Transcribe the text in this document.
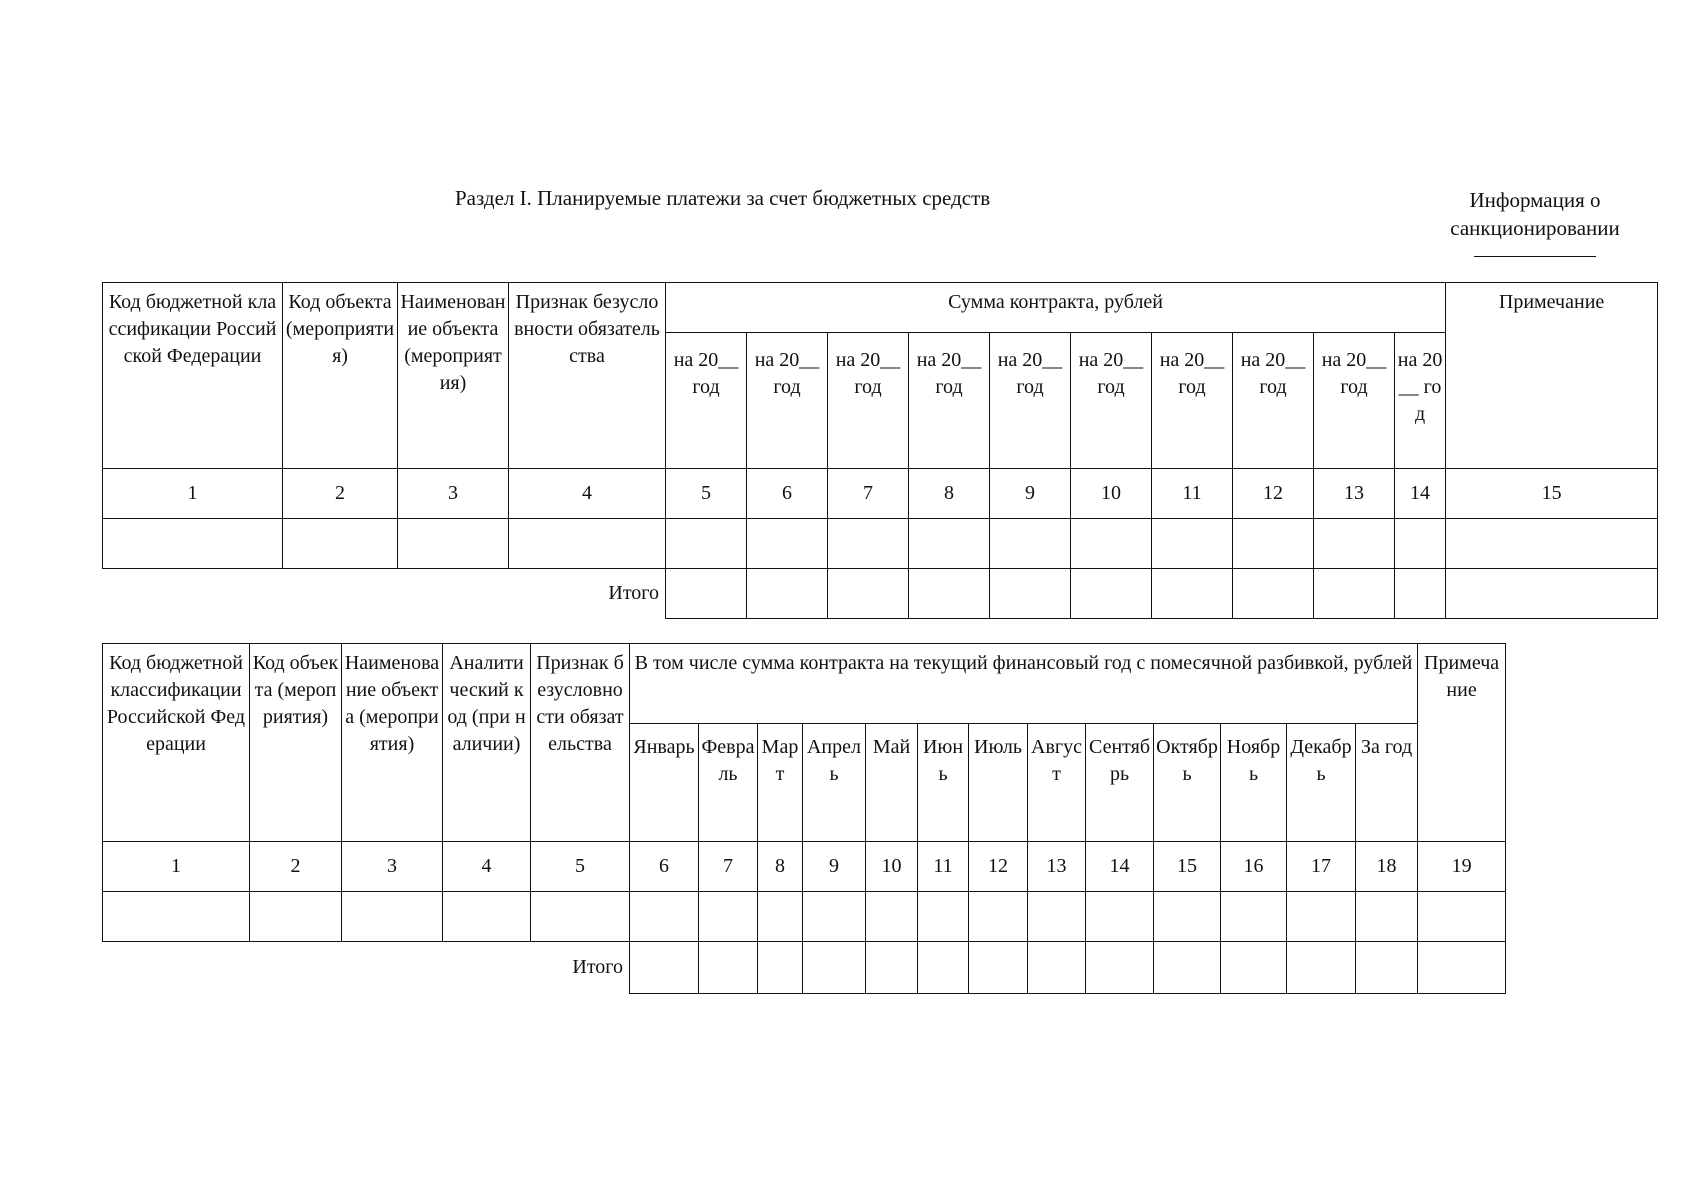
Раздел I. Планируемые платежи за счет бюджетных средств	Информация о санкционировании
Код бюджетной классификации Российской Федерации	Код объекта (мероприятия)	Наименование объекта (мероприятия)	Признак безусловности обязательства	Сумма контракта, рублей										Примечание
				на 20__ год	на 20__ год	на 20__ год	на 20__ год	на 20__ год	на 20__ год	на 20__ год	на 20__ год	на 20__ год	на 20__ год	
1	2	3	4	5	6	7	8	9	10	11	12	13	14	15

Итого														
Код бюджетной классификации Российской Федерации	Код объекта (мероприятия)	Наименование объекта (мероприятия)	Аналитический код (при наличии)	Признак безусловности обязательства	В том числе сумма контракта на текущий финансовый год с помесячной разбивкой, рублей													Примечание
					Январь	Февраль	Март	Апрель	Май	Июнь	Июль	Август	Сентябрь	Октябрь	Ноябрь	Декабрь	За год	
1	2	3	4	5	6	7	8	9	10	11	12	13	14	15	16	17	18	19

Итого																		
